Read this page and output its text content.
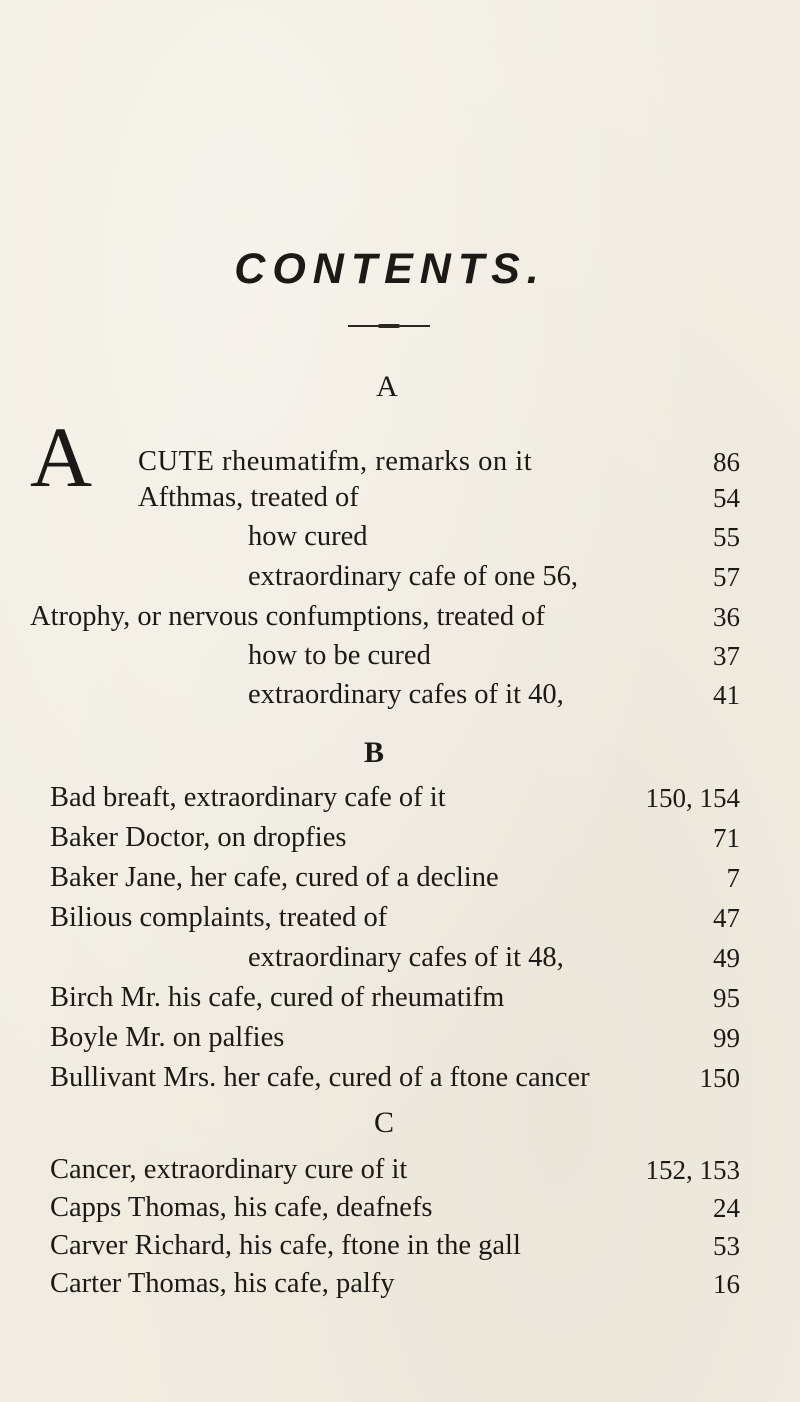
CONTENTS.
A
A CUTE rheumatifm, remarks on it	86
Afthmas, treated of	54
how cured	55
extraordinary cafe of one 56,	57
Atrophy, or nervous confumptions, treated of	36
how to be cured	37
extraordinary cafes of it 40,	41
B
Bad breaft, extraordinary cafe of it	150, 154
Baker Doctor, on dropfies	71
Baker Jane, her cafe, cured of a decline	7
Bilious complaints, treated of	47
extraordinary cafes of it 48,	49
Birch Mr. his cafe, cured of rheumatifm	95
Boyle Mr. on palfies	99
Bullivant Mrs. her cafe, cured of a ftone cancer	150
C
Cancer, extraordinary cure of it	152, 153
Capps Thomas, his cafe, deafnefs	24
Carver Richard, his cafe, ftone in the gall	53
Carter Thomas, his cafe, palfy	16
